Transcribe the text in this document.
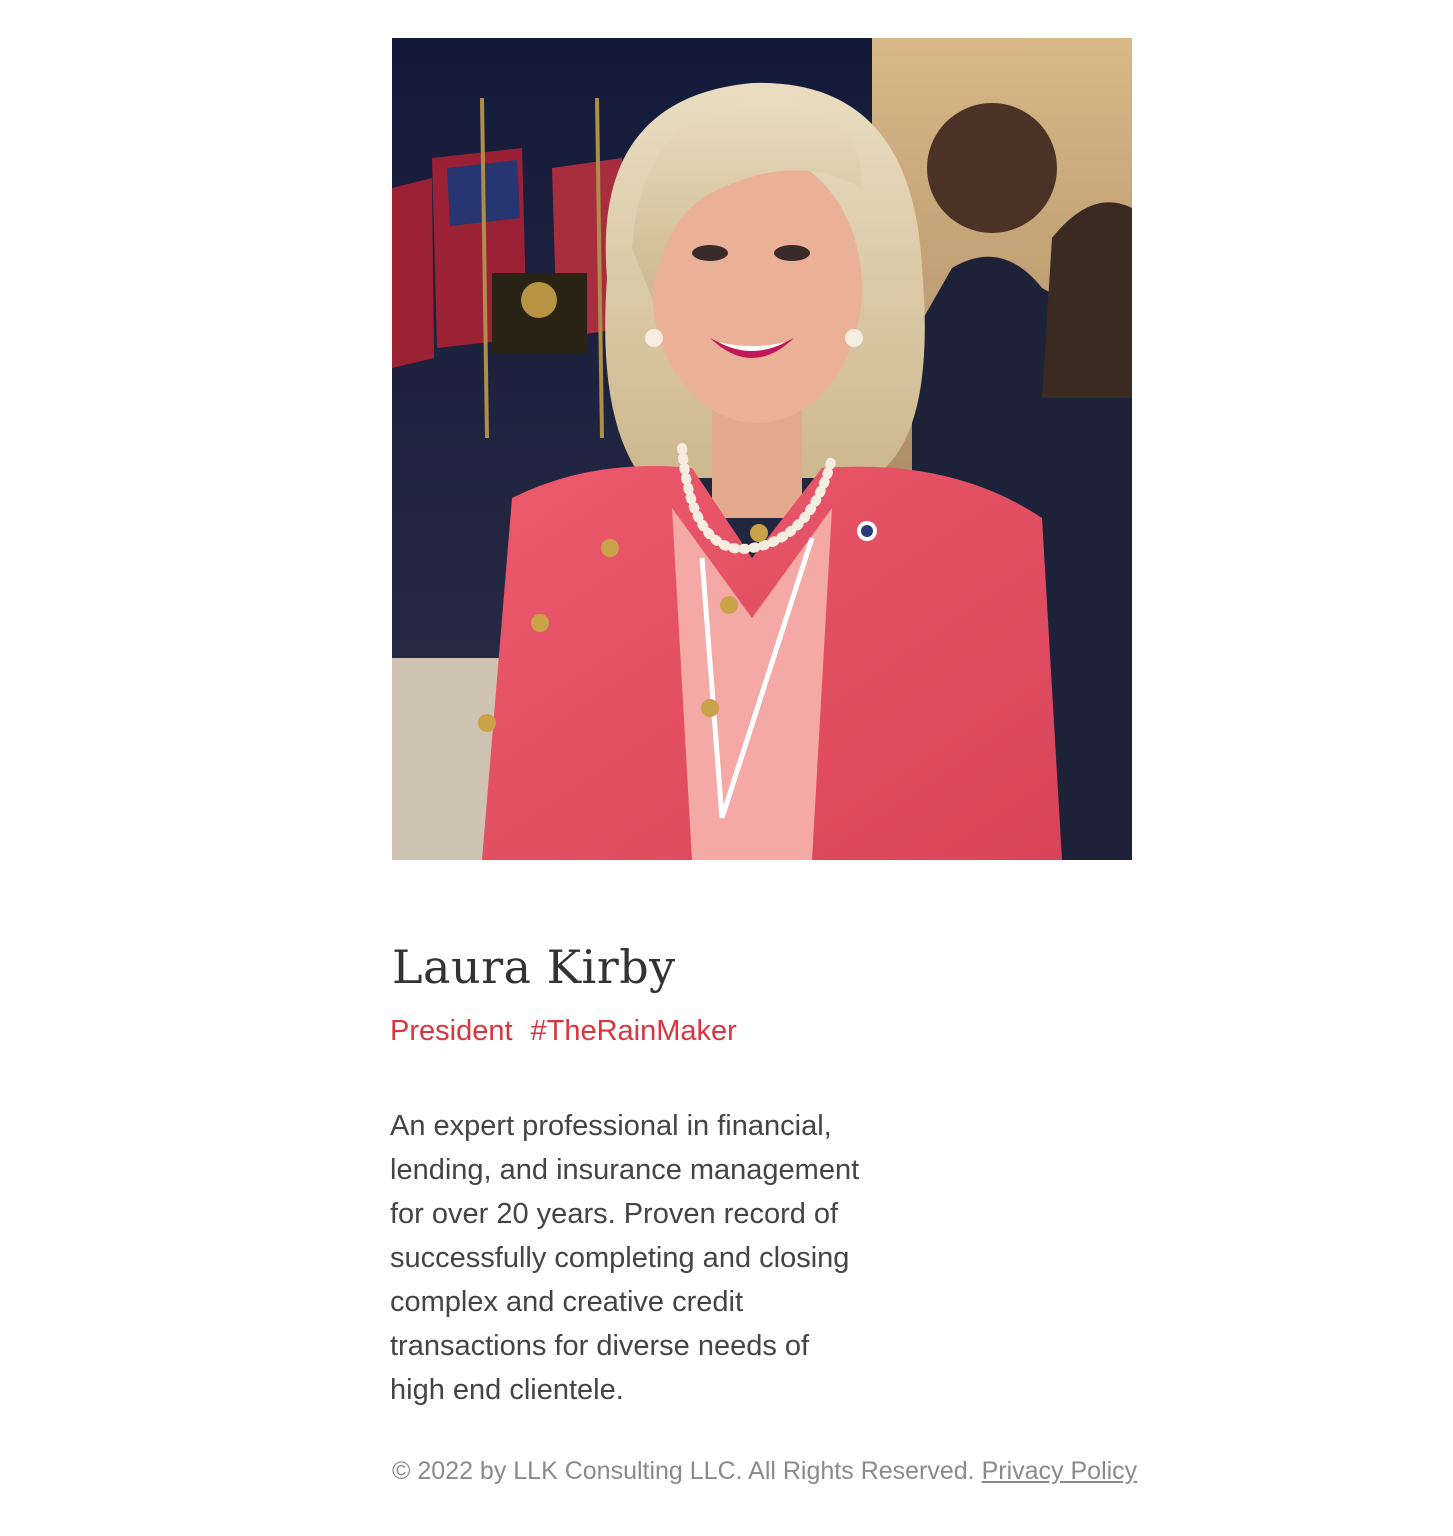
Laura Kirby
President #TheRainMaker

An expert professional in financial, lending, and insurance management for over 20 years. Proven record of successfully completing and closing complex and creative credit transactions for diverse needs of high end clientele.

© 2022 by LLK Consulting LLC. All Rights Reserved. Privacy Policy
